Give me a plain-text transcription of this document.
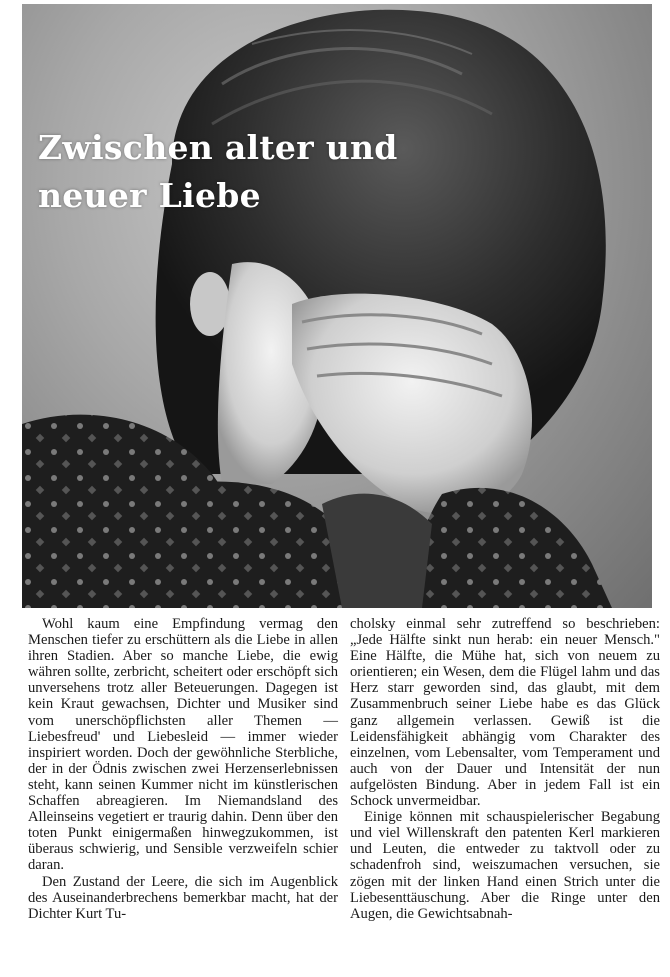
Zwischen alter und
neuer Liebe

Wohl kaum eine Empfindung vermag den Menschen tiefer zu erschüttern als die Liebe in allen ihren Stadien. Aber so manche Liebe, die ewig währen sollte, zerbricht, scheitert oder erschöpft sich unversehens trotz aller Beteuerungen. Dagegen ist kein Kraut gewachsen, Dichter und Musiker sind vom unerschöpflichsten aller Themen — Liebesfreud' und Liebesleid — immer wieder inspiriert worden. Doch der gewöhnliche Sterbliche, der in der Ödnis zwischen zwei Herzenserlebnissen steht, kann seinen Kummer nicht im künstlerischen Schaffen abreagieren. Im Niemandsland des Alleinseins vegetiert er traurig dahin. Denn über den toten Punkt einigermaßen hinwegzukommen, ist überaus schwierig, und Sensible verzweifeln schier daran.

Den Zustand der Leere, die sich im Augenblick des Auseinanderbrechens bemerkbar macht, hat der Dichter Kurt Tu-

cholsky einmal sehr zutreffend so beschrieben: „Jede Hälfte sinkt nun herab: ein neuer Mensch." Eine Hälfte, die Mühe hat, sich von neuem zu orientieren; ein Wesen, dem die Flügel lahm und das Herz starr geworden sind, das glaubt, mit dem Zusammenbruch seiner Liebe habe es das Glück ganz allgemein verlassen. Gewiß ist die Leidensfähigkeit abhängig vom Charakter des einzelnen, vom Lebensalter, vom Temperament und auch von der Dauer und Intensität der nun aufgelösten Bindung. Aber in jedem Fall ist ein Schock unvermeidbar.

Einige können mit schauspielerischer Begabung und viel Willenskraft den patenten Kerl markieren und Leuten, die entweder zu taktvoll oder zu schadenfroh sind, weiszumachen versuchen, sie zögen mit der linken Hand einen Strich unter die Liebesenttäuschung. Aber die Ringe unter den Augen, die Gewichtsabnah-
